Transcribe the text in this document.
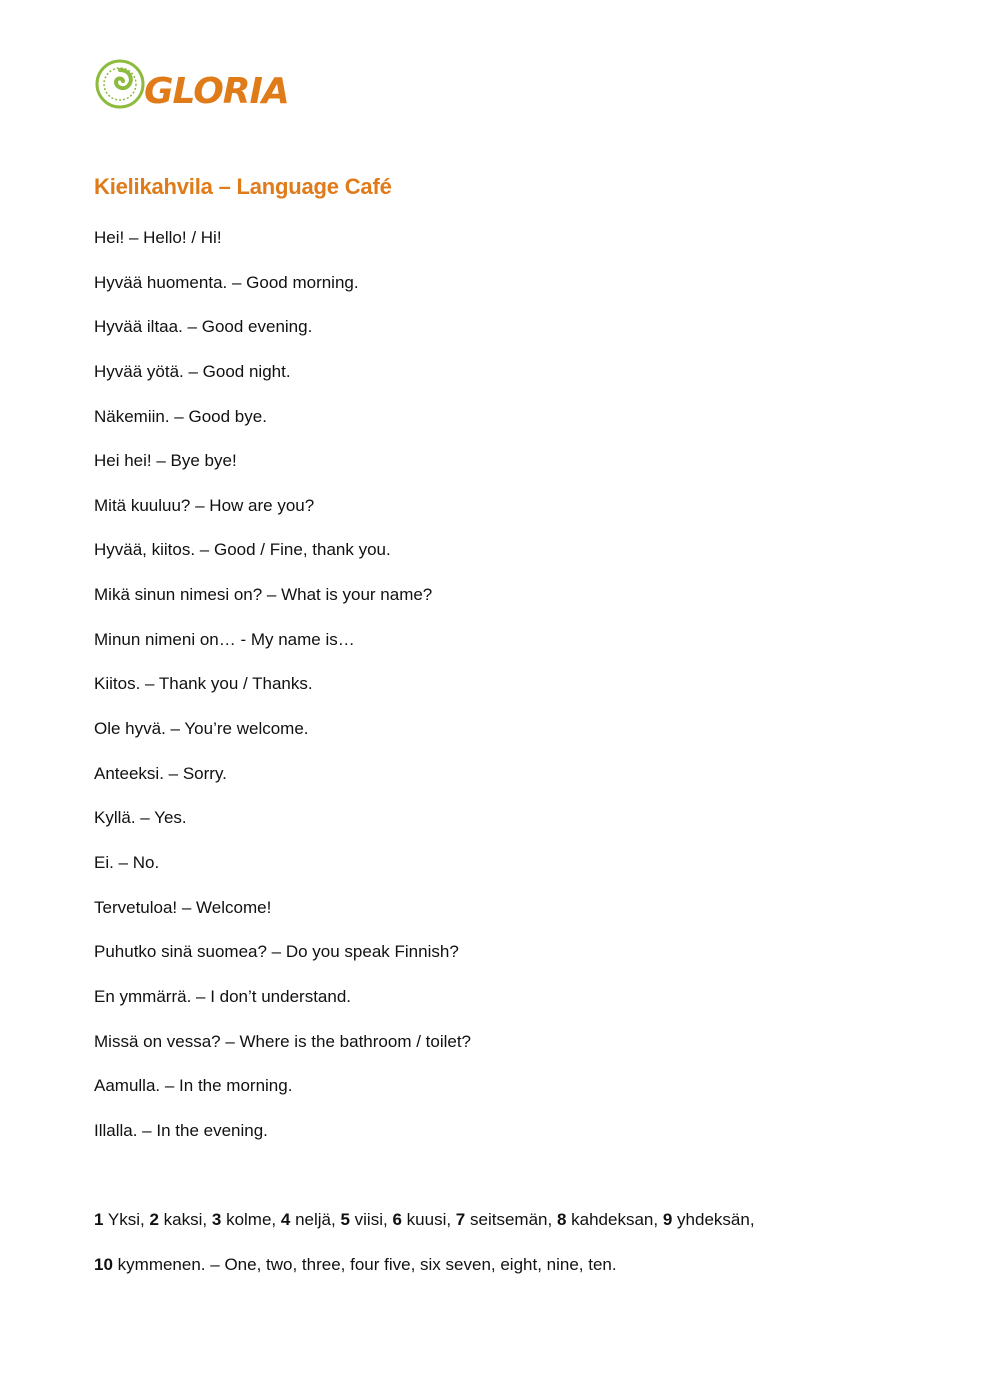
GLORIA
Kielikahvila – Language Café
Hei! – Hello! / Hi!
Hyvää huomenta. – Good morning.
Hyvää iltaa. – Good evening.
Hyvää yötä. – Good night.
Näkemiin. – Good bye.
Hei hei! – Bye bye!
Mitä kuuluu? – How are you?
Hyvää, kiitos. – Good / Fine, thank you.
Mikä sinun nimesi on? – What is your name?
Minun nimeni on… - My name is…
Kiitos. – Thank you / Thanks.
Ole hyvä. – You’re welcome.
Anteeksi. – Sorry.
Kyllä. – Yes.
Ei. – No.
Tervetuloa! – Welcome!
Puhutko sinä suomea? – Do you speak Finnish?
En ymmärrä. – I don’t understand.
Missä on vessa? – Where is the bathroom / toilet?
Aamulla. – In the morning.
Illalla. – In the evening.
1 Yksi, 2 kaksi, 3 kolme, 4 neljä, 5 viisi, 6 kuusi, 7 seitsemän, 8 kahdeksan, 9 yhdeksän,
10 kymmenen. – One, two, three, four five, six seven, eight, nine, ten.
